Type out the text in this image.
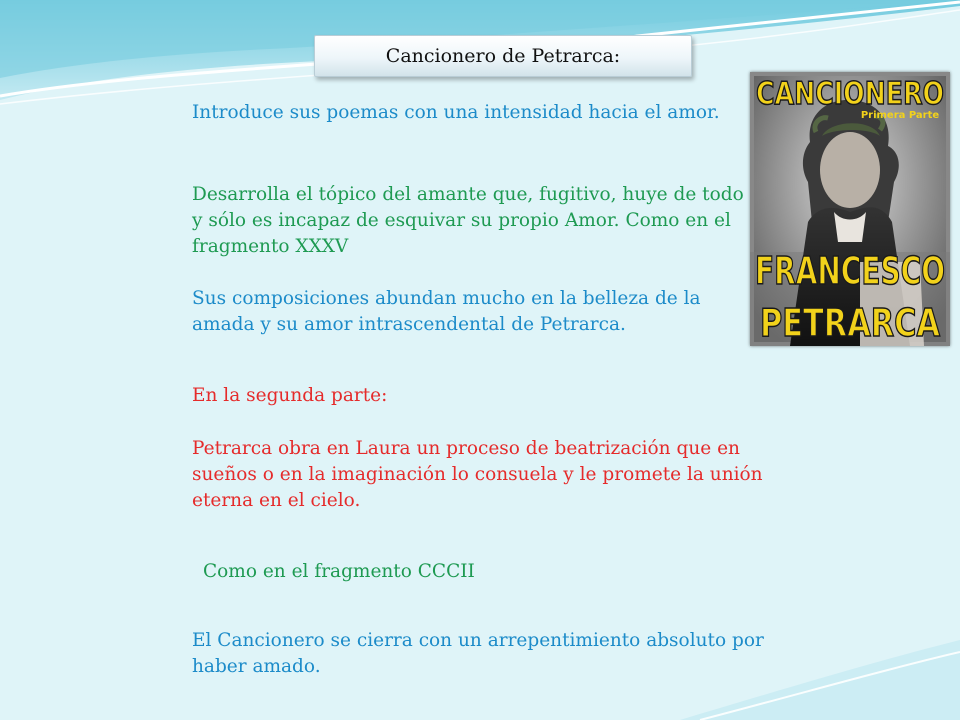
Cancionero de Petrarca:
Introduce sus poemas con una intensidad hacia el amor.
Desarrolla el tópico del amante que, fugitivo, huye de todo y sólo es incapaz de esquivar su propio Amor. Como en el fragmento XXXV
Sus composiciones abundan mucho en la belleza de la amada y su amor intrascendental de Petrarca.
En la segunda parte:
Petrarca obra en Laura un proceso de beatrización que en sueños o en la imaginación lo consuela y le promete la unión eterna en el cielo.
Como en el fragmento CCCII
El Cancionero se cierra con un arrepentimiento absoluto por haber amado.
CANCIONERO
Primera Parte
FRANCESCO
PETRARCA
